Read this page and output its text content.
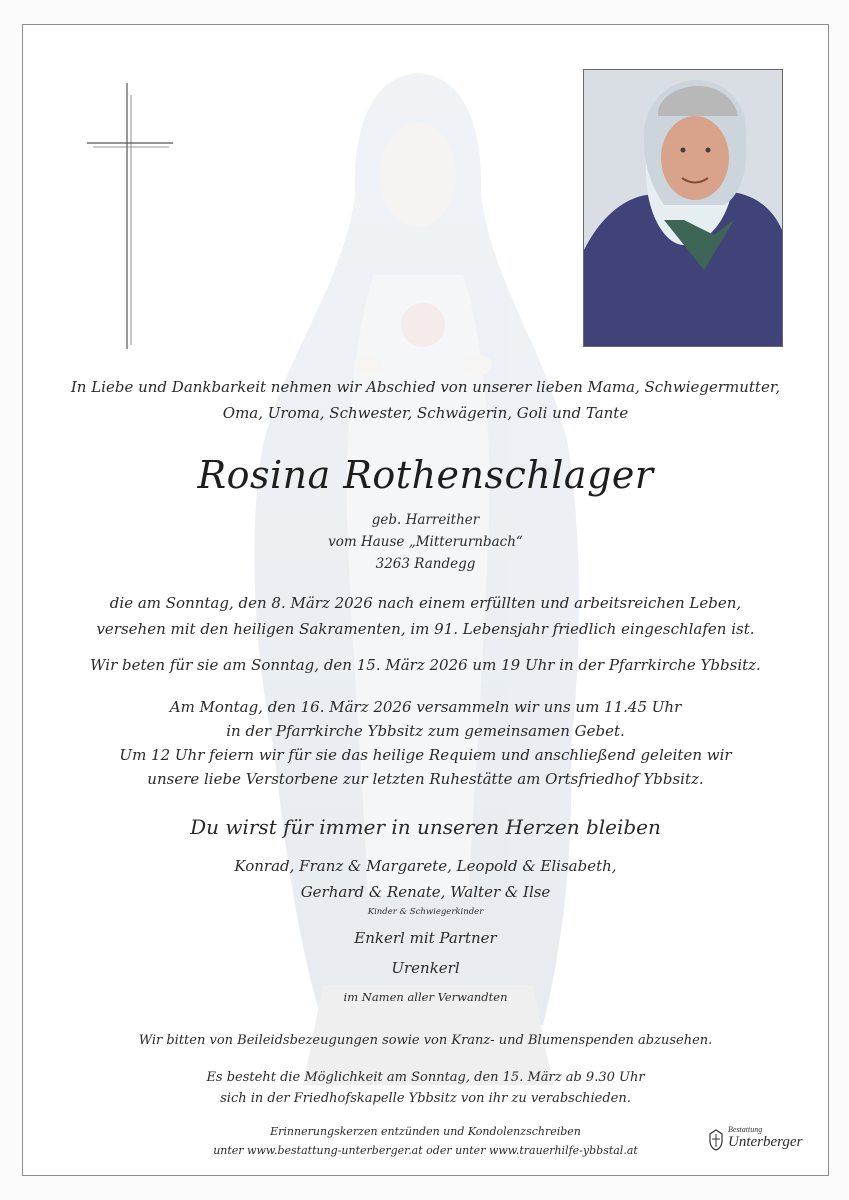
In Liebe und Dankbarkeit nehmen wir Abschied von unserer lieben Mama, Schwiegermutter,
Oma, Uroma, Schwester, Schwägerin, Goli und Tante
Rosina Rothenschlager
geb. Harreither
vom Hause „Mitterurnbach“
3263 Randegg
die am Sonntag, den 8. März 2026 nach einem erfüllten und arbeitsreichen Leben,
versehen mit den heiligen Sakramenten, im 91. Lebensjahr friedlich eingeschlafen ist.
Wir beten für sie am Sonntag, den 15. März 2026 um 19 Uhr in der Pfarrkirche Ybbsitz.
Am Montag, den 16. März 2026 versammeln wir uns um 11.45 Uhr
in der Pfarrkirche Ybbsitz zum gemeinsamen Gebet.
Um 12 Uhr feiern wir für sie das heilige Requiem und anschließend geleiten wir
unsere liebe Verstorbene zur letzten Ruhestätte am Ortsfriedhof Ybbsitz.
Du wirst für immer in unseren Herzen bleiben
Konrad, Franz & Margarete, Leopold & Elisabeth,
Gerhard & Renate, Walter & Ilse
Kinder & Schwiegerkinder
Enkerl mit Partner
Urenkerl
im Namen aller Verwandten
Wir bitten von Beileidsbezeugungen sowie von Kranz- und Blumenspenden abzusehen.
Es besteht die Möglichkeit am Sonntag, den 15. März ab 9.30 Uhr
sich in der Friedhofskapelle Ybbsitz von ihr zu verabschieden.
Erinnerungskerzen entzünden und Kondolenzschreiben
unter www.bestattung-unterberger.at oder unter www.trauerhilfe-ybbstal.at
Bestattung
Unterberger
